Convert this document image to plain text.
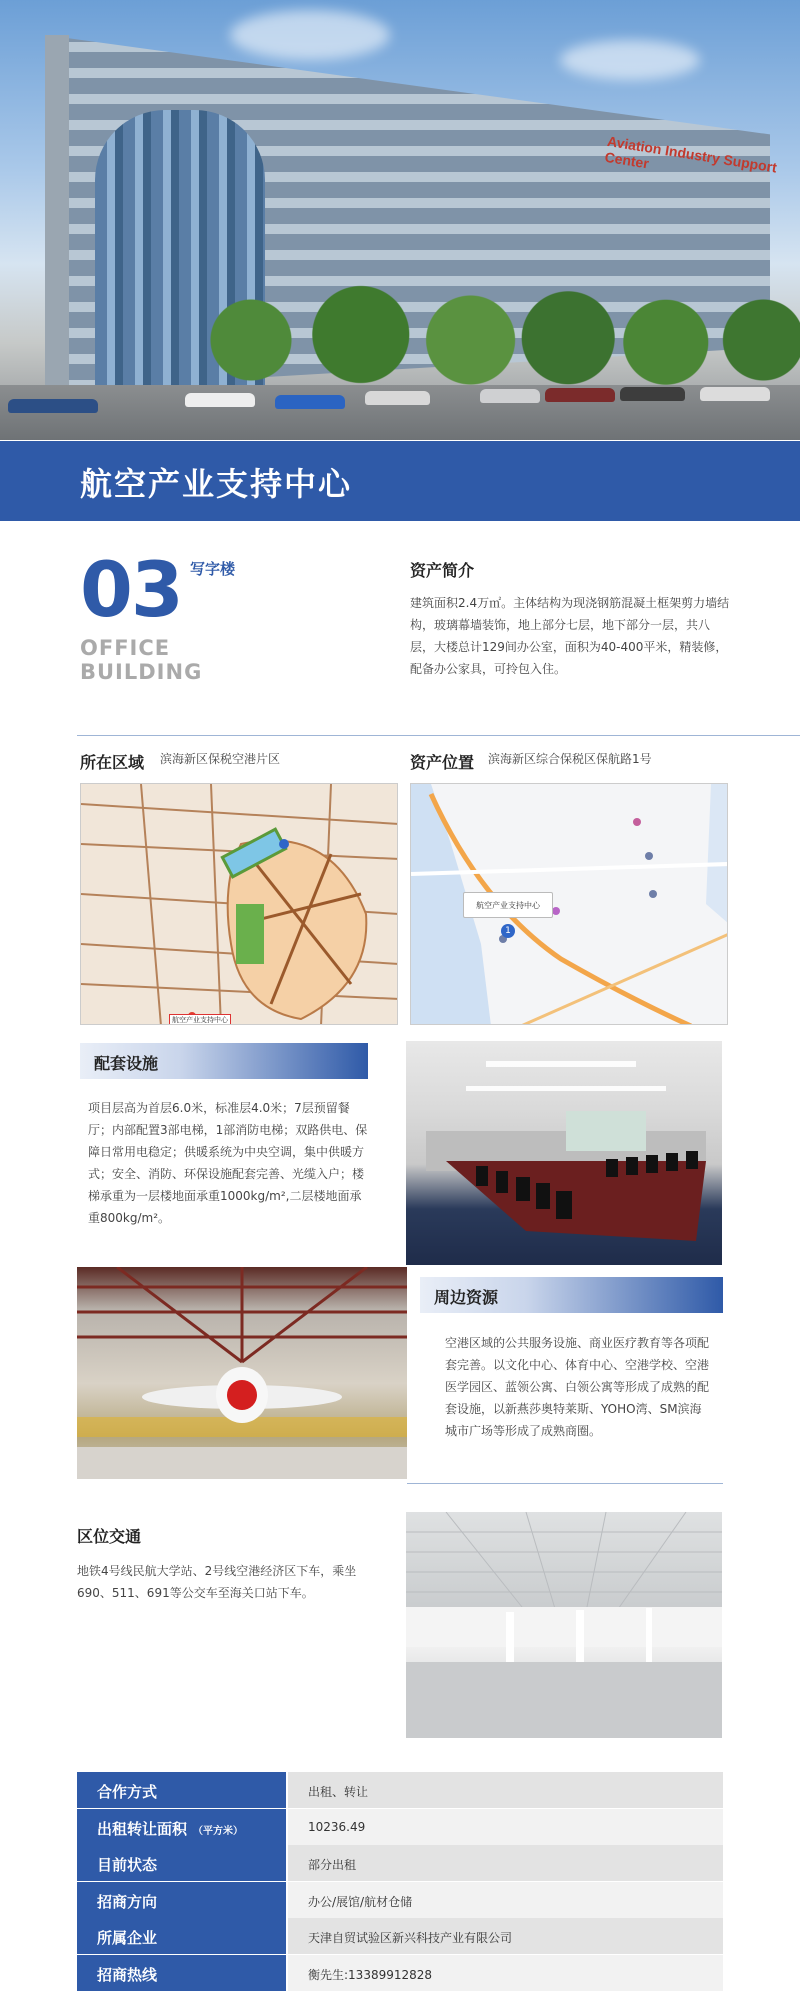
Aviation Industry Support Center
航空产业支持中心
03 写字楼
OFFICE
BUILDING
资产简介
建筑面积2.4万㎡。主体结构为现浇钢筋混凝土框架剪力墙结构，玻璃幕墙装饰，地上部分七层，地下部分一层，共八层，大楼总计129间办公室，面积为40-400平米，精装修，配备办公家具，可拎包入住。
所在区域 滨海新区保税空港片区	资产位置 滨海新区综合保税区保航路1号
航空产业支持中心
航空产业支持中心
1
配套设施
项目层高为首层6.0米，标准层4.0米；7层预留餐厅；内部配置3部电梯，1部消防电梯；双路供电、保障日常用电稳定；供暖系统为中央空调，集中供暖方式；安全、消防、环保设施配套完善、光缆入户；楼梯承重为一层楼地面承重1000kg/m²,二层楼地面承重800kg/m²。
周边资源
空港区域的公共服务设施、商业医疗教育等各项配套完善。以文化中心、体育中心、空港学校、空港医学园区、蓝领公寓、白领公寓等形成了成熟的配套设施，以新燕莎奥特莱斯、YOHO湾、SM滨海城市广场等形成了成熟商圈。
区位交通
地铁4号线民航大学站、2号线空港经济区下车，乘坐690、511、691等公交车至海关口站下车。
合作方式	出租、转让
出租转让面积 （平方米）	10236.49
目前状态	部分出租
招商方向	办公/展馆/航材仓储
所属企业	天津自贸试验区新兴科技产业有限公司
招商热线	衡先生:13389912828
